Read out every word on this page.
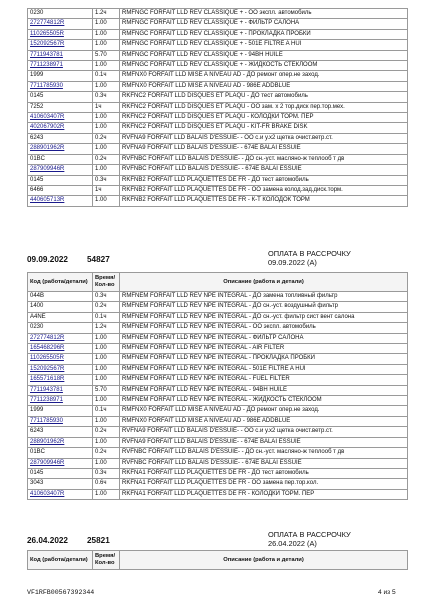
0230	1.2ч	RMFNGC FORFAIT LLD REV CLASSIQUE + - ОО экспл. автомобиль
272774812R	1.00	RMFNGC FORFAIT LLD REV CLASSIQUE + - ФИЛЬТР САЛОНА
110265505R	1.00	RMFNGC FORFAIT LLD REV CLASSIQUE + - ПРОКЛАДКА ПРОБКИ
152092567R	1.00	RMFNGC FORFAIT LLD REV CLASSIQUE + - 501E FILTRE A HUI
7711943781	5.70	RMFNGC FORFAIT LLD REV CLASSIQUE + - 94BH HUILE
7711238971	1.00	RMFNGC FORFAIT LLD REV CLASSIQUE + - ЖИДКОСТЬ СТЕКЛООМ
1999	0.1ч	RMFNX0 FORFAIT LLD MISE A NIVEAU AD - ДО ремонт опер.не заход.
7711785930	1.00	RMFNX0 FORFAIT LLD MISE A NIVEAU AD - 986E ADDBLUE
0145	0.3ч	RKFNC2 FORFAIT LLD DISQUES ET PLAQU - ДО тест автомобиль
7252	1ч	RKFNC2 FORFAIT LLD DISQUES ET PLAQU - ОО зам. х 2 тор.диск пер.тор.мех.
410603407R	1.00	RKFNC2 FORFAIT LLD DISQUES ET PLAQU - КОЛОДКИ ТОРМ. ПЕР
402067902R	1.00	RKFNC2 FORFAIT LLD DISQUES ET PLAQU - KIT-FR BRAKE DISK
6243	0.2ч	RVFNA9 FORFAIT LLD BALAIS D'ESSUIE- - ОО с.и у.х2 щетка очист.ветр.ст.
288901962R	1.00	RVFNA9 FORFAIT LLD BALAIS D'ESSUIE- - 674E BALAI ESSUIE
01BC	0.2ч	RVFNBC FORFAIT LLD BALAIS D'ESSUIE- - ДО сн.-уст. масляно-ж теплооб т дв
287909946R	1.00	RVFNBC FORFAIT LLD BALAIS D'ESSUIE- - 674E BALAI ESSUIE
0145	0.3ч	RKFNB2 FORFAIT LLD PLAQUETTES DE FR - ДО тест автомобиль
6466	1ч	RKFNB2 FORFAIT LLD PLAQUETTES DE FR - ОО замена колод.зад.диск.торм.
440605713R	1.00	RKFNB2 FORFAIT LLD PLAQUETTES DE FR - К-Т КОЛОДОК ТОРМ
09.09.2022 54827
ОПЛАТА В РАССРОЧКУ
09.09.2022 (А)
Код (работа/детали)	Время/ Кол-во	Описание (работа и детали)
044B	0.3ч	RMFNEM FORFAIT LLD REV NPE INTEGRAL - ДО замена топливный фильтр
1400	0.2ч	RMFNEM FORFAIT LLD REV NPE INTEGRAL - ДО сн.-уст. воздушный фильтр
A4NE	0.1ч	RMFNEM FORFAIT LLD REV NPE INTEGRAL - ДО сн.-уст. фильтр сист вент салона
0230	1.2ч	RMFNEM FORFAIT LLD REV NPE INTEGRAL - ОО экспл. автомобиль
272774812R	1.00	RMFNEM FORFAIT LLD REV NPE INTEGRAL - ФИЛЬТР САЛОНА
165468296R	1.00	RMFNEM FORFAIT LLD REV NPE INTEGRAL - AIR FILTER
110265505R	1.00	RMFNEM FORFAIT LLD REV NPE INTEGRAL - ПРОКЛАДКА ПРОБКИ
152092567R	1.00	RMFNEM FORFAIT LLD REV NPE INTEGRAL - 501E FILTRE A HUI
165571618R	1.00	RMFNEM FORFAIT LLD REV NPE INTEGRAL - FUEL FILTER
7711943781	5.70	RMFNEM FORFAIT LLD REV NPE INTEGRAL - 94BH HUILE
7711238971	1.00	RMFNEM FORFAIT LLD REV NPE INTEGRAL - ЖИДКОСТЬ СТЕКЛООМ
1999	0.1ч	RMFNX0 FORFAIT LLD MISE A NIVEAU AD - ДО ремонт опер.не заход.
7711785930	1.00	RMFNX0 FORFAIT LLD MISE A NIVEAU AD - 986E ADDBLUE
6243	0.2ч	RVFNA9 FORFAIT LLD BALAIS D'ESSUIE- - ОО с.и у.х2 щетка очист.ветр.ст.
288901962R	1.00	RVFNA9 FORFAIT LLD BALAIS D'ESSUIE- - 674E BALAI ESSUIE
01BC	0.2ч	RVFNBC FORFAIT LLD BALAIS D'ESSUIE- - ДО сн.-уст. масляно-ж теплооб т дв
287909946R	1.00	RVFNBC FORFAIT LLD BALAIS D'ESSUIE- - 674E BALAI ESSUIE
0145	0.3ч	RKFNA1 FORFAIT LLD PLAQUETTES DE FR - ДО тест автомобиль
3043	0.6ч	RKFNA1 FORFAIT LLD PLAQUETTES DE FR - ОО замена пер.тор.кол.
410603407R	1.00	RKFNA1 FORFAIT LLD PLAQUETTES DE FR - КОЛОДКИ ТОРМ. ПЕР
26.04.2022 25821
ОПЛАТА В РАССРОЧКУ
26.04.2022 (А)
Код (работа/детали)	Время/ Кол-во	Описание (работа и детали)
VF1RFB00567392344	4 из 5
